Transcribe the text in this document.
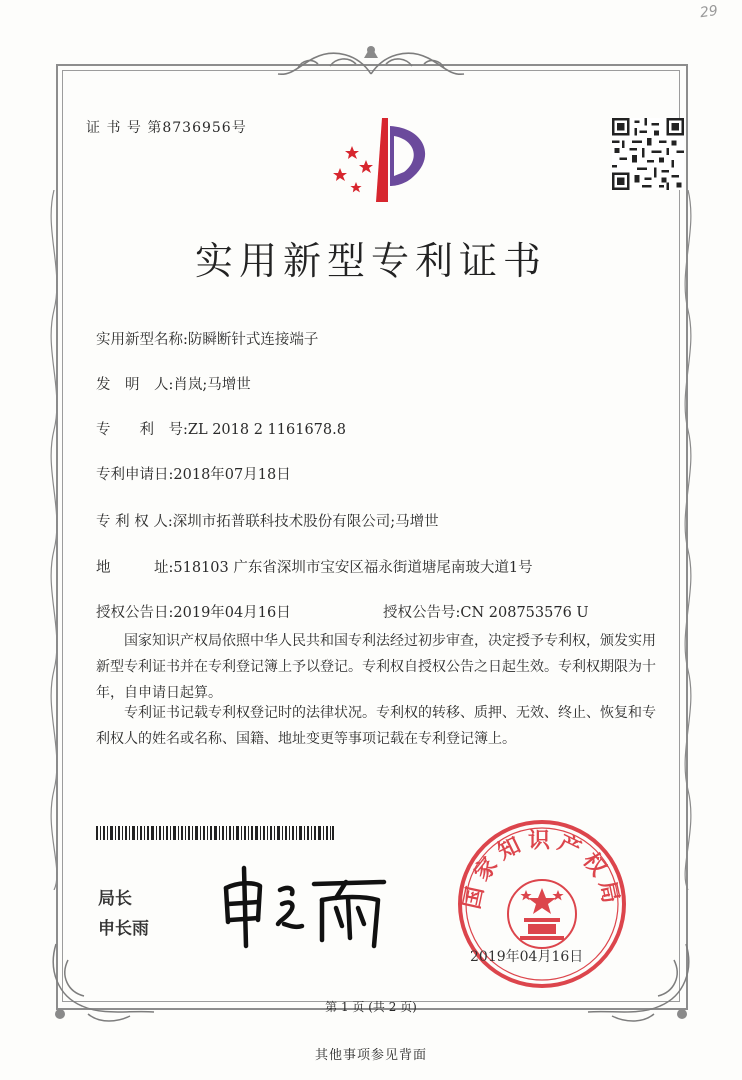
29
证 书 号 第8736956号
实用新型专利证书
实用新型名称:防瞬断针式连接端子
发　明　人:肖岚;马增世
专　　利　号:ZL 2018 2 1161678.8
专利申请日:2018年07月18日
专 利 权 人:深圳市拓普联科技术股份有限公司;马增世
地　　　址:518103 广东省深圳市宝安区福永街道塘尾南玻大道1号
授权公告日:2019年04月16日	授权公告号:CN 208753576 U
国家知识产权局依照中华人民共和国专利法经过初步审查，决定授予专利权，颁发实用新型专利证书并在专利登记簿上予以登记。专利权自授权公告之日起生效。专利权期限为十年，自申请日起算。
专利证书记载专利权登记时的法律状况。专利权的转移、质押、无效、终止、恢复和专利权人的姓名或名称、国籍、地址变更等事项记载在专利登记簿上。
局长
申长雨
国家知识产权局
2019年04月16日
第 1 页 (共 2 页)
其他事项参见背面
